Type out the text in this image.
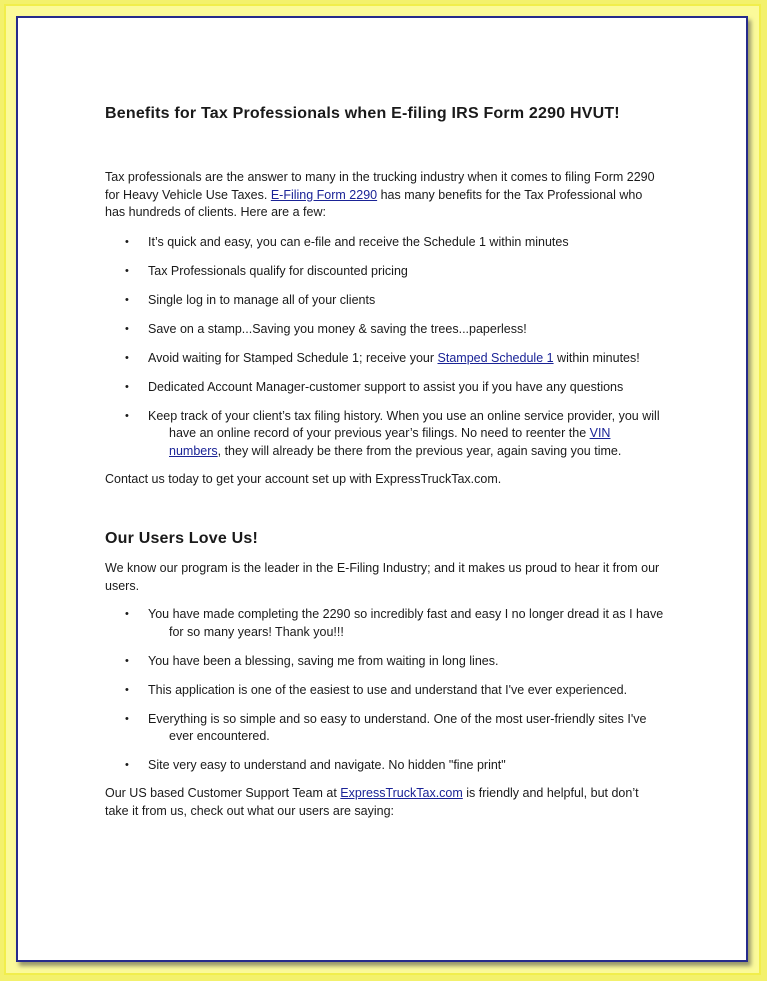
Benefits for Tax Professionals when E-filing IRS Form 2290 HVUT!

Tax professionals are the answer to many in the trucking industry when it comes to filing Form 2290 for Heavy Vehicle Use Taxes. E-Filing Form 2290 has many benefits for the Tax Professional who has hundreds of clients. Here are a few:

• It’s quick and easy, you can e-file and receive the Schedule 1 within minutes
• Tax Professionals qualify for discounted pricing
• Single log in to manage all of your clients
• Save on a stamp...Saving you money & saving the trees...paperless!
• Avoid waiting for Stamped Schedule 1; receive your Stamped Schedule 1 within minutes!
• Dedicated Account Manager-customer support to assist you if you have any questions
• Keep track of your client’s tax filing history. When you use an online service provider, you will have an online record of your previous year’s filings. No need to reenter the VIN numbers, they will already be there from the previous year, again saving you time.

Contact us today to get your account set up with ExpressTruckTax.com.

Our Users Love Us!

We know our program is the leader in the E-Filing Industry; and it makes us proud to hear it from our users.

• You have made completing the 2290 so incredibly fast and easy I no longer dread it as I have for so many years! Thank you!!!
• You have been a blessing, saving me from waiting in long lines.
• This application is one of the easiest to use and understand that I've ever experienced.
• Everything is so simple and so easy to understand. One of the most user-friendly sites I've ever encountered.
• Site very easy to understand and navigate. No hidden "fine print"

Our US based Customer Support Team at ExpressTruckTax.com is friendly and helpful, but don’t take it from us, check out what our users are saying:
